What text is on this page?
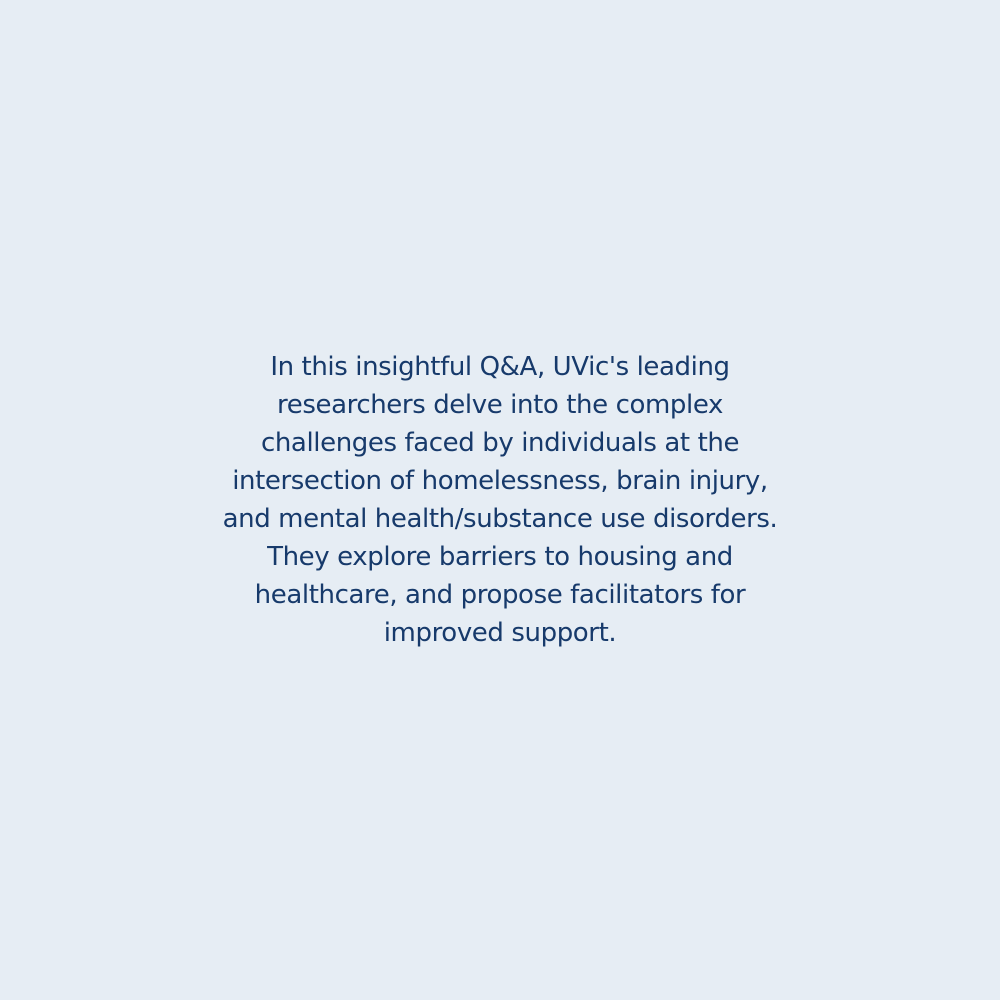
In this insightful Q&A, UVic's leading
researchers delve into the complex
challenges faced by individuals at the
intersection of homelessness, brain injury,
and mental health/substance use disorders.
They explore barriers to housing and
healthcare, and propose facilitators for
improved support.
